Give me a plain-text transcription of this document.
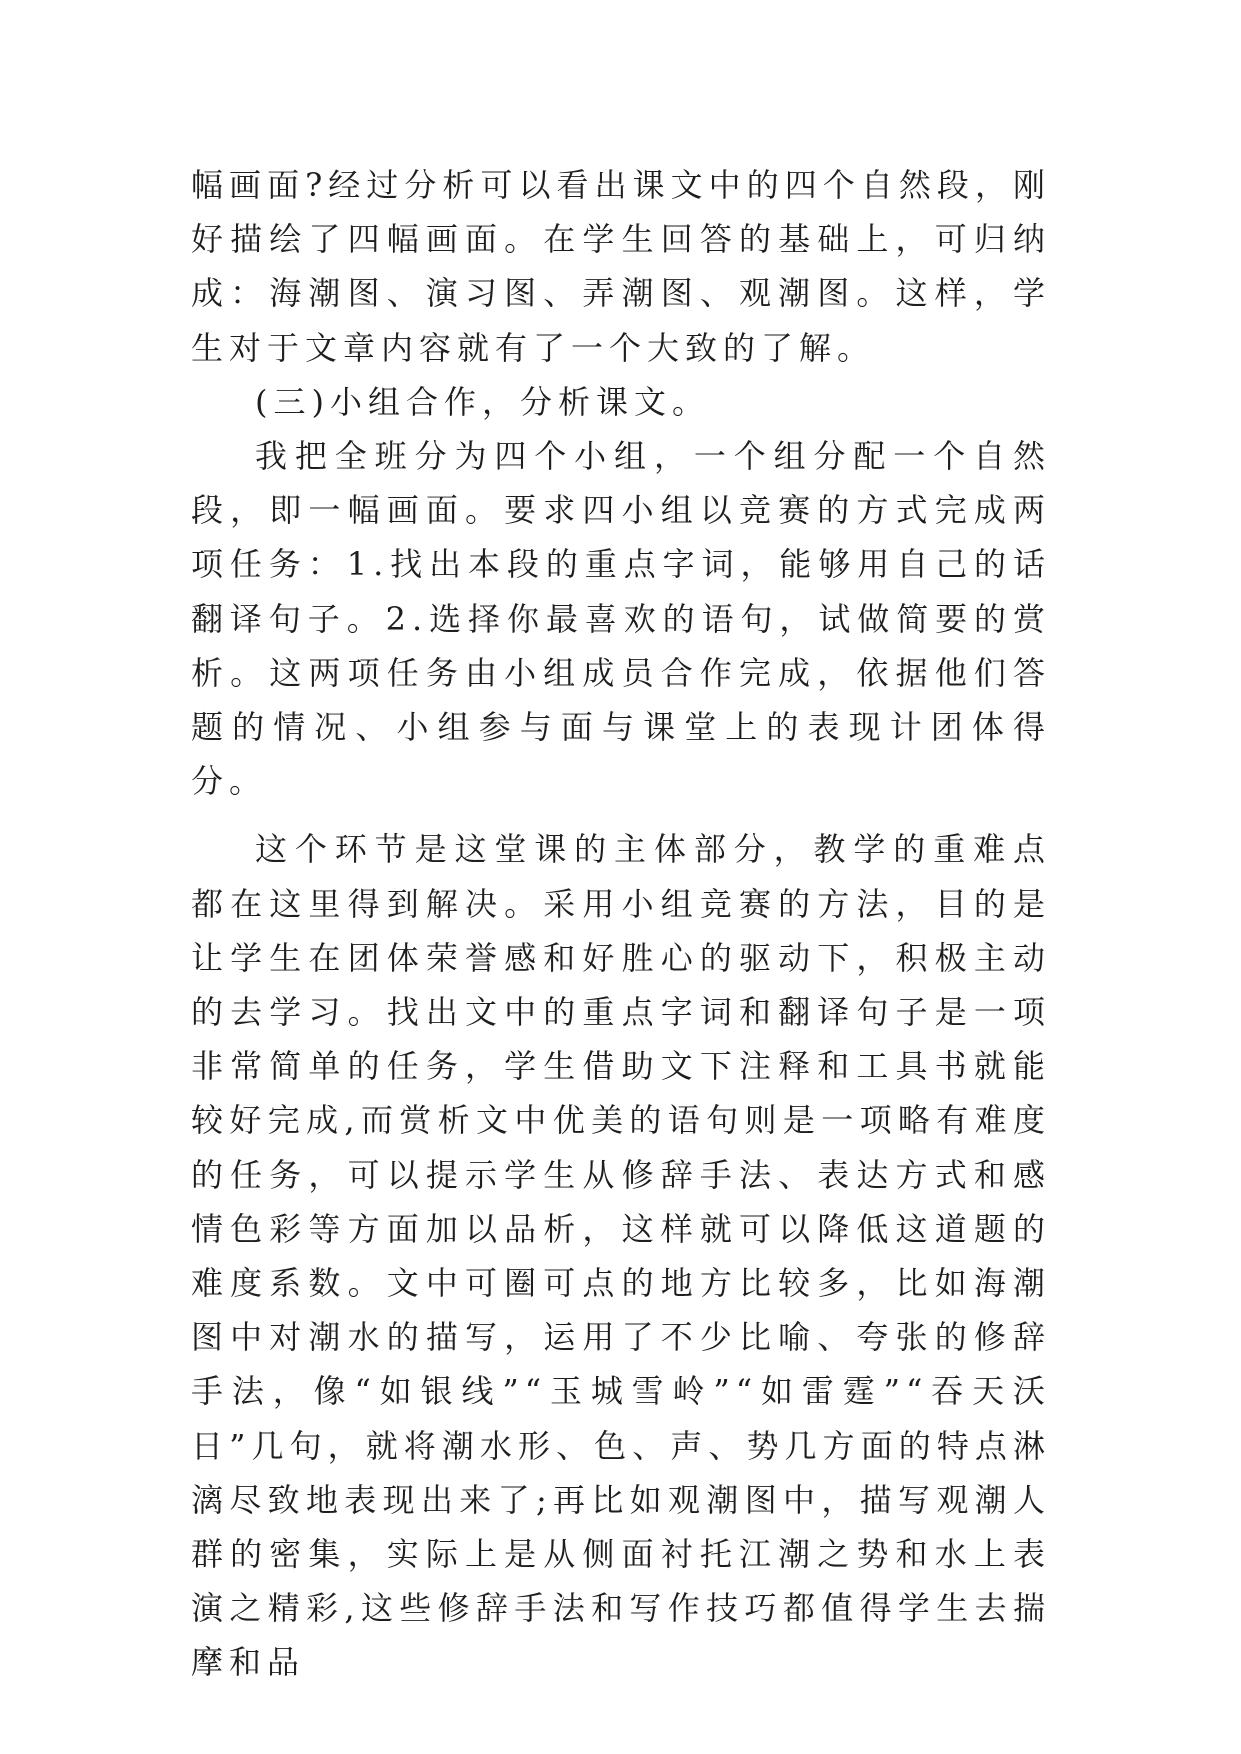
幅画面?经过分析可以看出课文中的四个自然段，刚好描绘了四幅画面。在学生回答的基础上，可归纳成：海潮图、演习图、弄潮图、观潮图。这样，学生对于文章内容就有了一个大致的了解。

(三)小组合作，分析课文。

我把全班分为四个小组，一个组分配一个自然段，即一幅画面。要求四小组以竞赛的方式完成两项任务：1.找出本段的重点字词，能够用自己的话翻译句子。2.选择你最喜欢的语句，试做简要的赏析。这两项任务由小组成员合作完成，依据他们答题的情况、小组参与面与课堂上的表现计团体得分。

这个环节是这堂课的主体部分，教学的重难点都在这里得到解决。采用小组竞赛的方法，目的是让学生在团体荣誉感和好胜心的驱动下，积极主动的去学习。找出文中的重点字词和翻译句子是一项非常简单的任务，学生借助文下注释和工具书就能较好完成,而赏析文中优美的语句则是一项略有难度的任务，可以提示学生从修辞手法、表达方式和感情色彩等方面加以品析，这样就可以降低这道题的难度系数。文中可圈可点的地方比较多，比如海潮图中对潮水的描写，运用了不少比喻、夸张的修辞手法，像“如银线”“玉城雪岭”“如雷霆”“吞天沃日”几句，就将潮水形、色、声、势几方面的特点淋漓尽致地表现出来了;再比如观潮图中，描写观潮人群的密集，实际上是从侧面衬托江潮之势和水上表演之精彩,这些修辞手法和写作技巧都值得学生去揣摩和品
